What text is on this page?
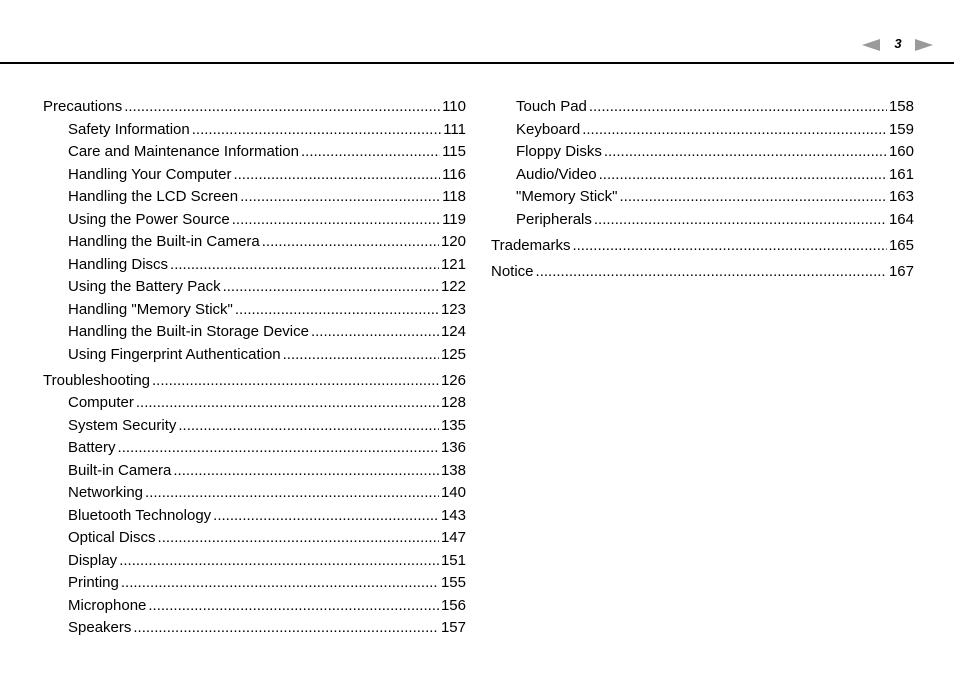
3
Precautions .....	110
Safety Information .....	111
Care and Maintenance Information .....	115
Handling Your Computer .....	116
Handling the LCD Screen .....	118
Using the Power Source .....	119
Handling the Built-in Camera .....	120
Handling Discs .....	121
Using the Battery Pack .....	122
Handling "Memory Stick" .....	123
Handling the Built-in Storage Device .....	124
Using Fingerprint Authentication .....	125
Troubleshooting .....	126
Computer .....	128
System Security .....	135
Battery .....	136
Built-in Camera .....	138
Networking .....	140
Bluetooth Technology .....	143
Optical Discs .....	147
Display .....	151
Printing .....	155
Microphone .....	156
Speakers .....	157
Touch Pad .....	158
Keyboard .....	159
Floppy Disks .....	160
Audio/Video .....	161
"Memory Stick" .....	163
Peripherals .....	164
Trademarks .....	165
Notice .....	167
